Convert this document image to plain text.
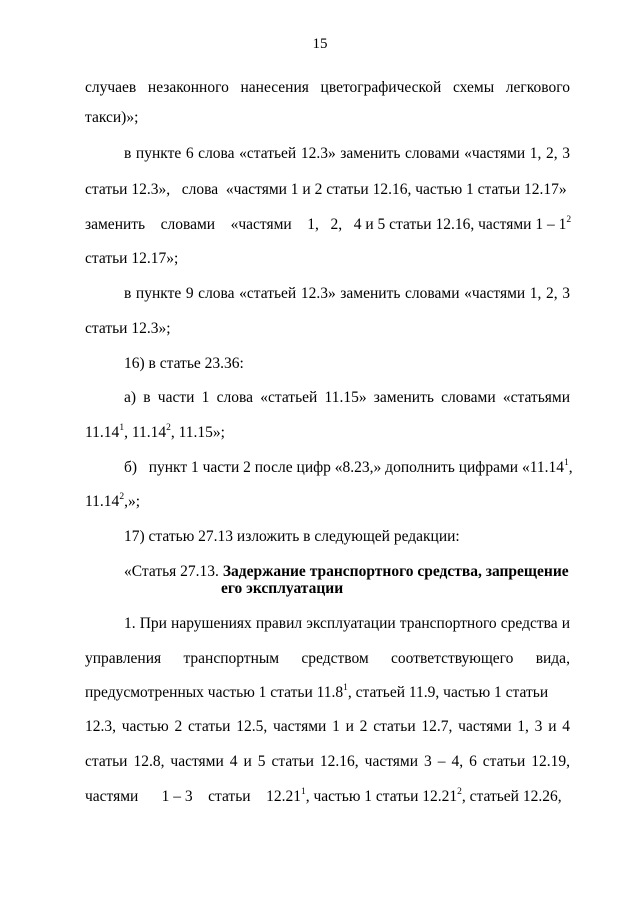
15
случаев незаконного нанесения цветографической схемы легкового
такси)»;
в пункте 6 слова «статьей 12.3» заменить словами «частями 1, 2, 3
статьи 12.3», слова «частями 1 и 2 статьи 12.16, частью 1 статьи 12.17»
заменить словами «частями 1, 2, 4 и 5 статьи 12.16, частями $1 - 1^2$
статьи 12.17»;
в пункте 9 слова «статьей 12.3» заменить словами «частями 1, 2, 3
статьи 12.3»;
16) в статье 23.36:
а) в части 1 слова «статьей 11.15» заменить словами «статьями
11.14$^1$, 11.14$^2$, 11.15»;
б) пункт 1 части 2 после цифр «8.23,» дополнить цифрами «11.14$^1$,
11.14$^2$,»;
17) статью 27.13 изложить в следующей редакции:
«Статья 27.13. Задержание транспортного средства, запрещение
его эксплуатации
1. При нарушениях правил эксплуатации транспортного средства и
управления транспортным средством соответствующего вида,
предусмотренных частью 1 статьи 11.8$^1$, статьей 11.9, частью 1 статьи
12.3, частью 2 статьи 12.5, частями 1 и 2 статьи 12.7, частями 1, 3 и 4
статьи 12.8, частями 4 и 5 статьи 12.16, частями 3 – 4, 6 статьи 12.19,
частями 1 – 3 статьи 12.21$^1$, частью 1 статьи 12.21$^2$, статьей 12.26,
